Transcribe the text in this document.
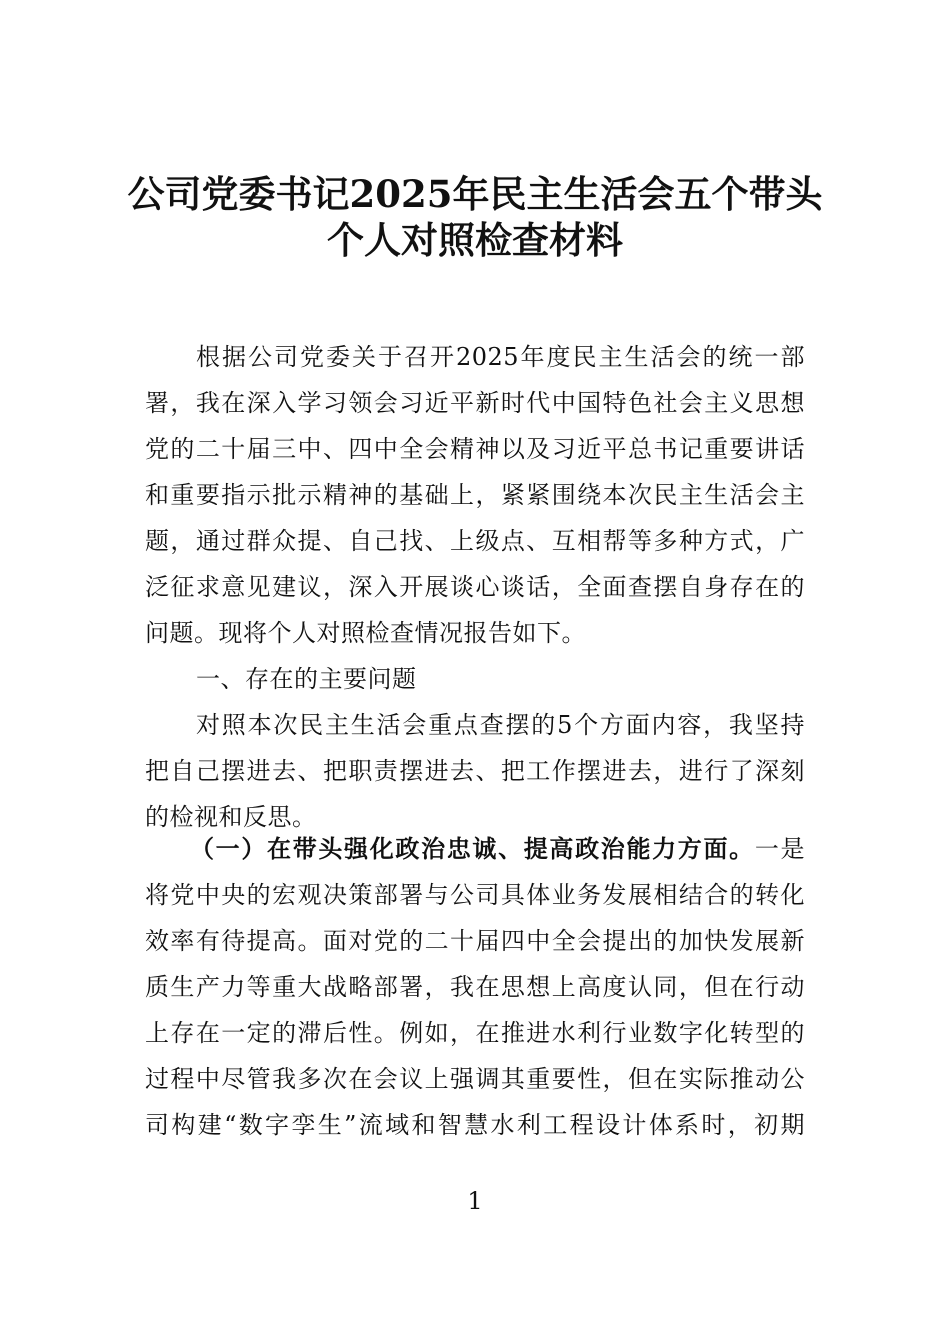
公司党委书记2025年民主生活会五个带头
个人对照检查材料
根据公司党委关于召开2025年度民主生活会的统一部
署，我在深入学习领会习近平新时代中国特色社会主义思想
党的二十届三中、四中全会精神以及习近平总书记重要讲话
和重要指示批示精神的基础上，紧紧围绕本次民主生活会主
题，通过群众提、自己找、上级点、互相帮等多种方式，广
泛征求意见建议，深入开展谈心谈话，全面查摆自身存在的
问题。现将个人对照检查情况报告如下。
一、存在的主要问题
对照本次民主生活会重点查摆的5个方面内容，我坚持
把自己摆进去、把职责摆进去、把工作摆进去，进行了深刻
的检视和反思。
（一）在带头强化政治忠诚、提高政治能力方面。一是
将党中央的宏观决策部署与公司具体业务发展相结合的转化
效率有待提高。面对党的二十届四中全会提出的加快发展新
质生产力等重大战略部署，我在思想上高度认同，但在行动
上存在一定的滞后性。例如，在推进水利行业数字化转型的
过程中尽管我多次在会议上强调其重要性，但在实际推动公
司构建“数字孪生”流域和智慧水利工程设计体系时，初期
1
